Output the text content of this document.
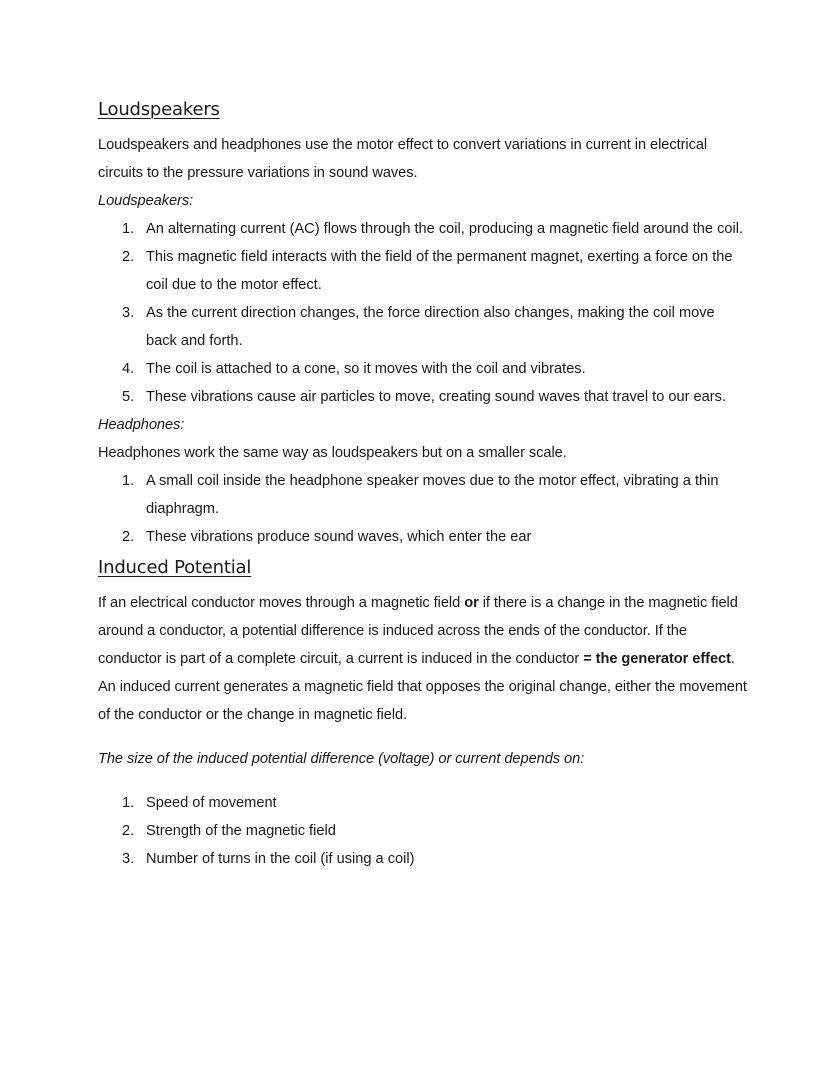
Loudspeakers

Loudspeakers and headphones use the motor effect to convert variations in current in electrical circuits to the pressure variations in sound waves.

Loudspeakers:

1. An alternating current (AC) flows through the coil, producing a magnetic field around the coil.
2. This magnetic field interacts with the field of the permanent magnet, exerting a force on the coil due to the motor effect.
3. As the current direction changes, the force direction also changes, making the coil move back and forth.
4. The coil is attached to a cone, so it moves with the coil and vibrates.
5. These vibrations cause air particles to move, creating sound waves that travel to our ears.

Headphones:

Headphones work the same way as loudspeakers but on a smaller scale.

1. A small coil inside the headphone speaker moves due to the motor effect, vibrating a thin diaphragm.
2. These vibrations produce sound waves, which enter the ear
Induced Potential

If an electrical conductor moves through a magnetic field or if there is a change in the magnetic field around a conductor, a potential difference is induced across the ends of the conductor. If the conductor is part of a complete circuit, a current is induced in the conductor = the generator effect.

An induced current generates a magnetic field that opposes the original change, either the movement of the conductor or the change in magnetic field.

The size of the induced potential difference (voltage) or current depends on:

1. Speed of movement
2. Strength of the magnetic field
3. Number of turns in the coil (if using a coil)
